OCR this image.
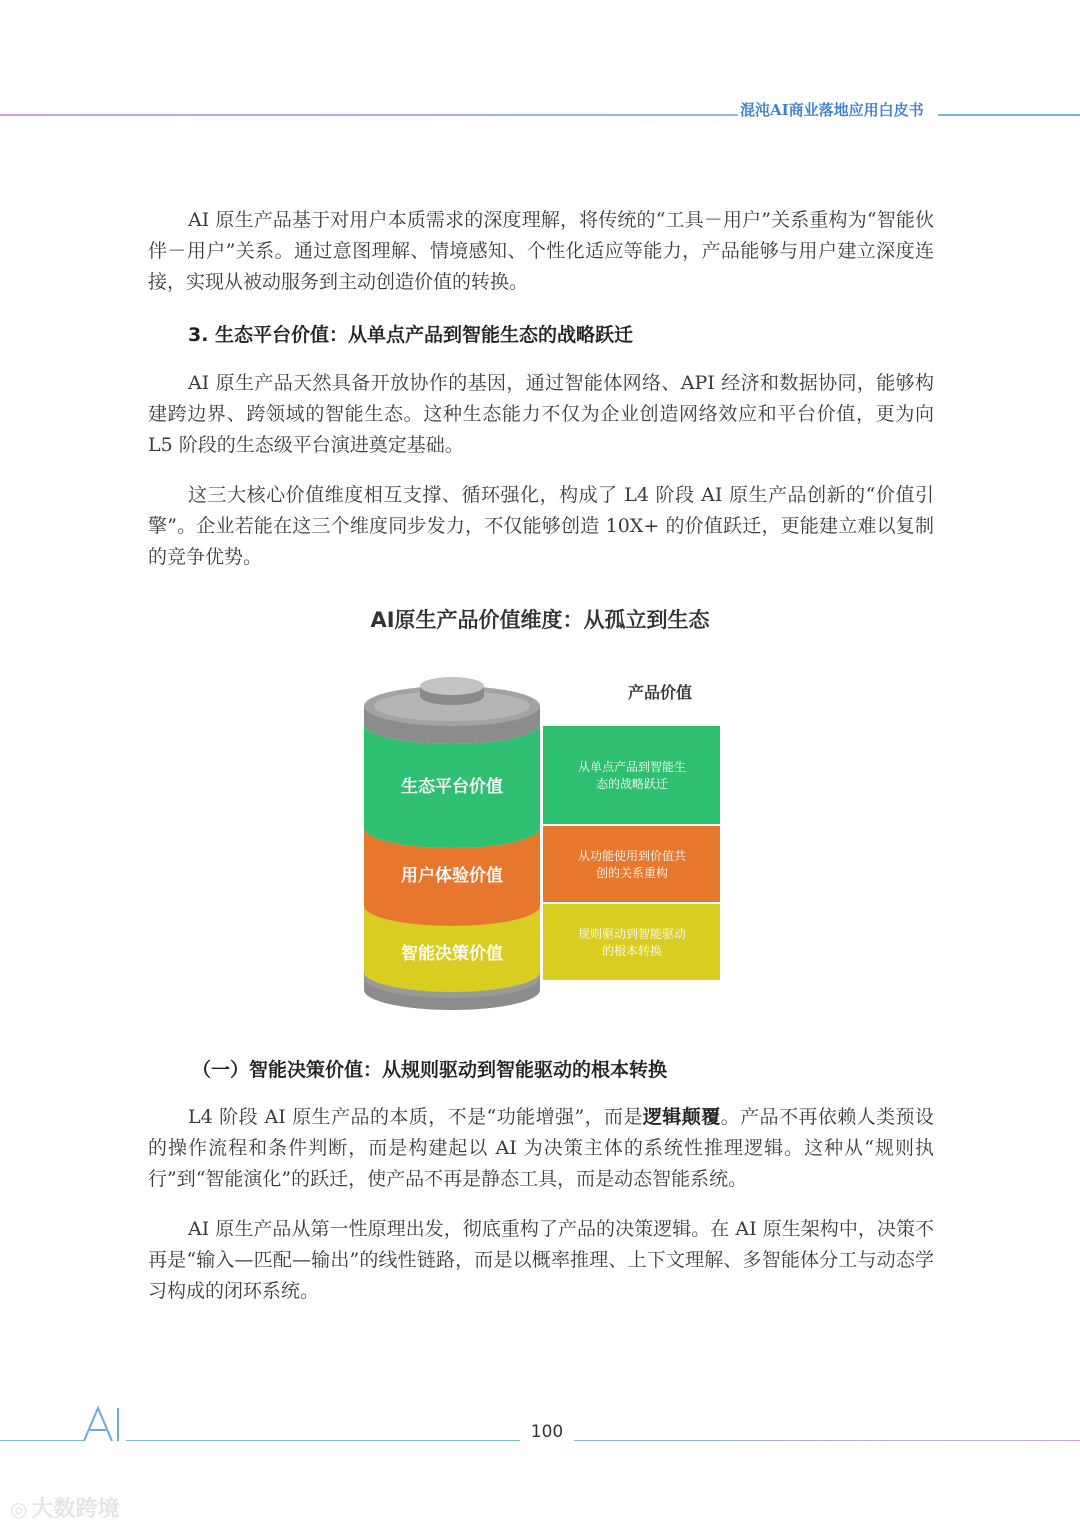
混沌AI商业落地应用白皮书

AI 原生产品基于对用户本质需求的深度理解，将传统的“工具－用户”关系重构为“智能伙伴－用户”关系。通过意图理解、情境感知、个性化适应等能力，产品能够与用户建立深度连接，实现从被动服务到主动创造价值的转换。

3. 生态平台价值：从单点产品到智能生态的战略跃迁

AI 原生产品天然具备开放协作的基因，通过智能体网络、API 经济和数据协同，能够构建跨边界、跨领域的智能生态。这种生态能力不仅为企业创造网络效应和平台价值，更为向 L5 阶段的生态级平台演进奠定基础。

这三大核心价值维度相互支撑、循环强化，构成了 L4 阶段 AI 原生产品创新的“价值引擎”。企业若能在这三个维度同步发力，不仅能够创造 10X+ 的价值跃迁，更能建立难以复制的竞争优势。

AI原生产品价值维度：从孤立到生态
产品价值
从单点产品到智能生
态的战略跃迁
从功能使用到价值共
创的关系重构
规则驱动到智能驱动
的根本转换
生态平台价值
用户体验价值
智能决策价值
（一）智能决策价值：从规则驱动到智能驱动的根本转换

L4 阶段 AI 原生产品的本质，不是“功能增强”，而是逻辑颠覆。产品不再依赖人类预设的操作流程和条件判断，而是构建起以 AI 为决策主体的系统性推理逻辑。这种从“规则执行”到“智能演化”的跃迁，使产品不再是静态工具，而是动态智能系统。

AI 原生产品从第一性原理出发，彻底重构了产品的决策逻辑。在 AI 原生架构中，决策不再是“输入—匹配—输出”的线性链路，而是以概率推理、上下文理解、多智能体分工与动态学习构成的闭环系统。

100
◎ 大数跨境
